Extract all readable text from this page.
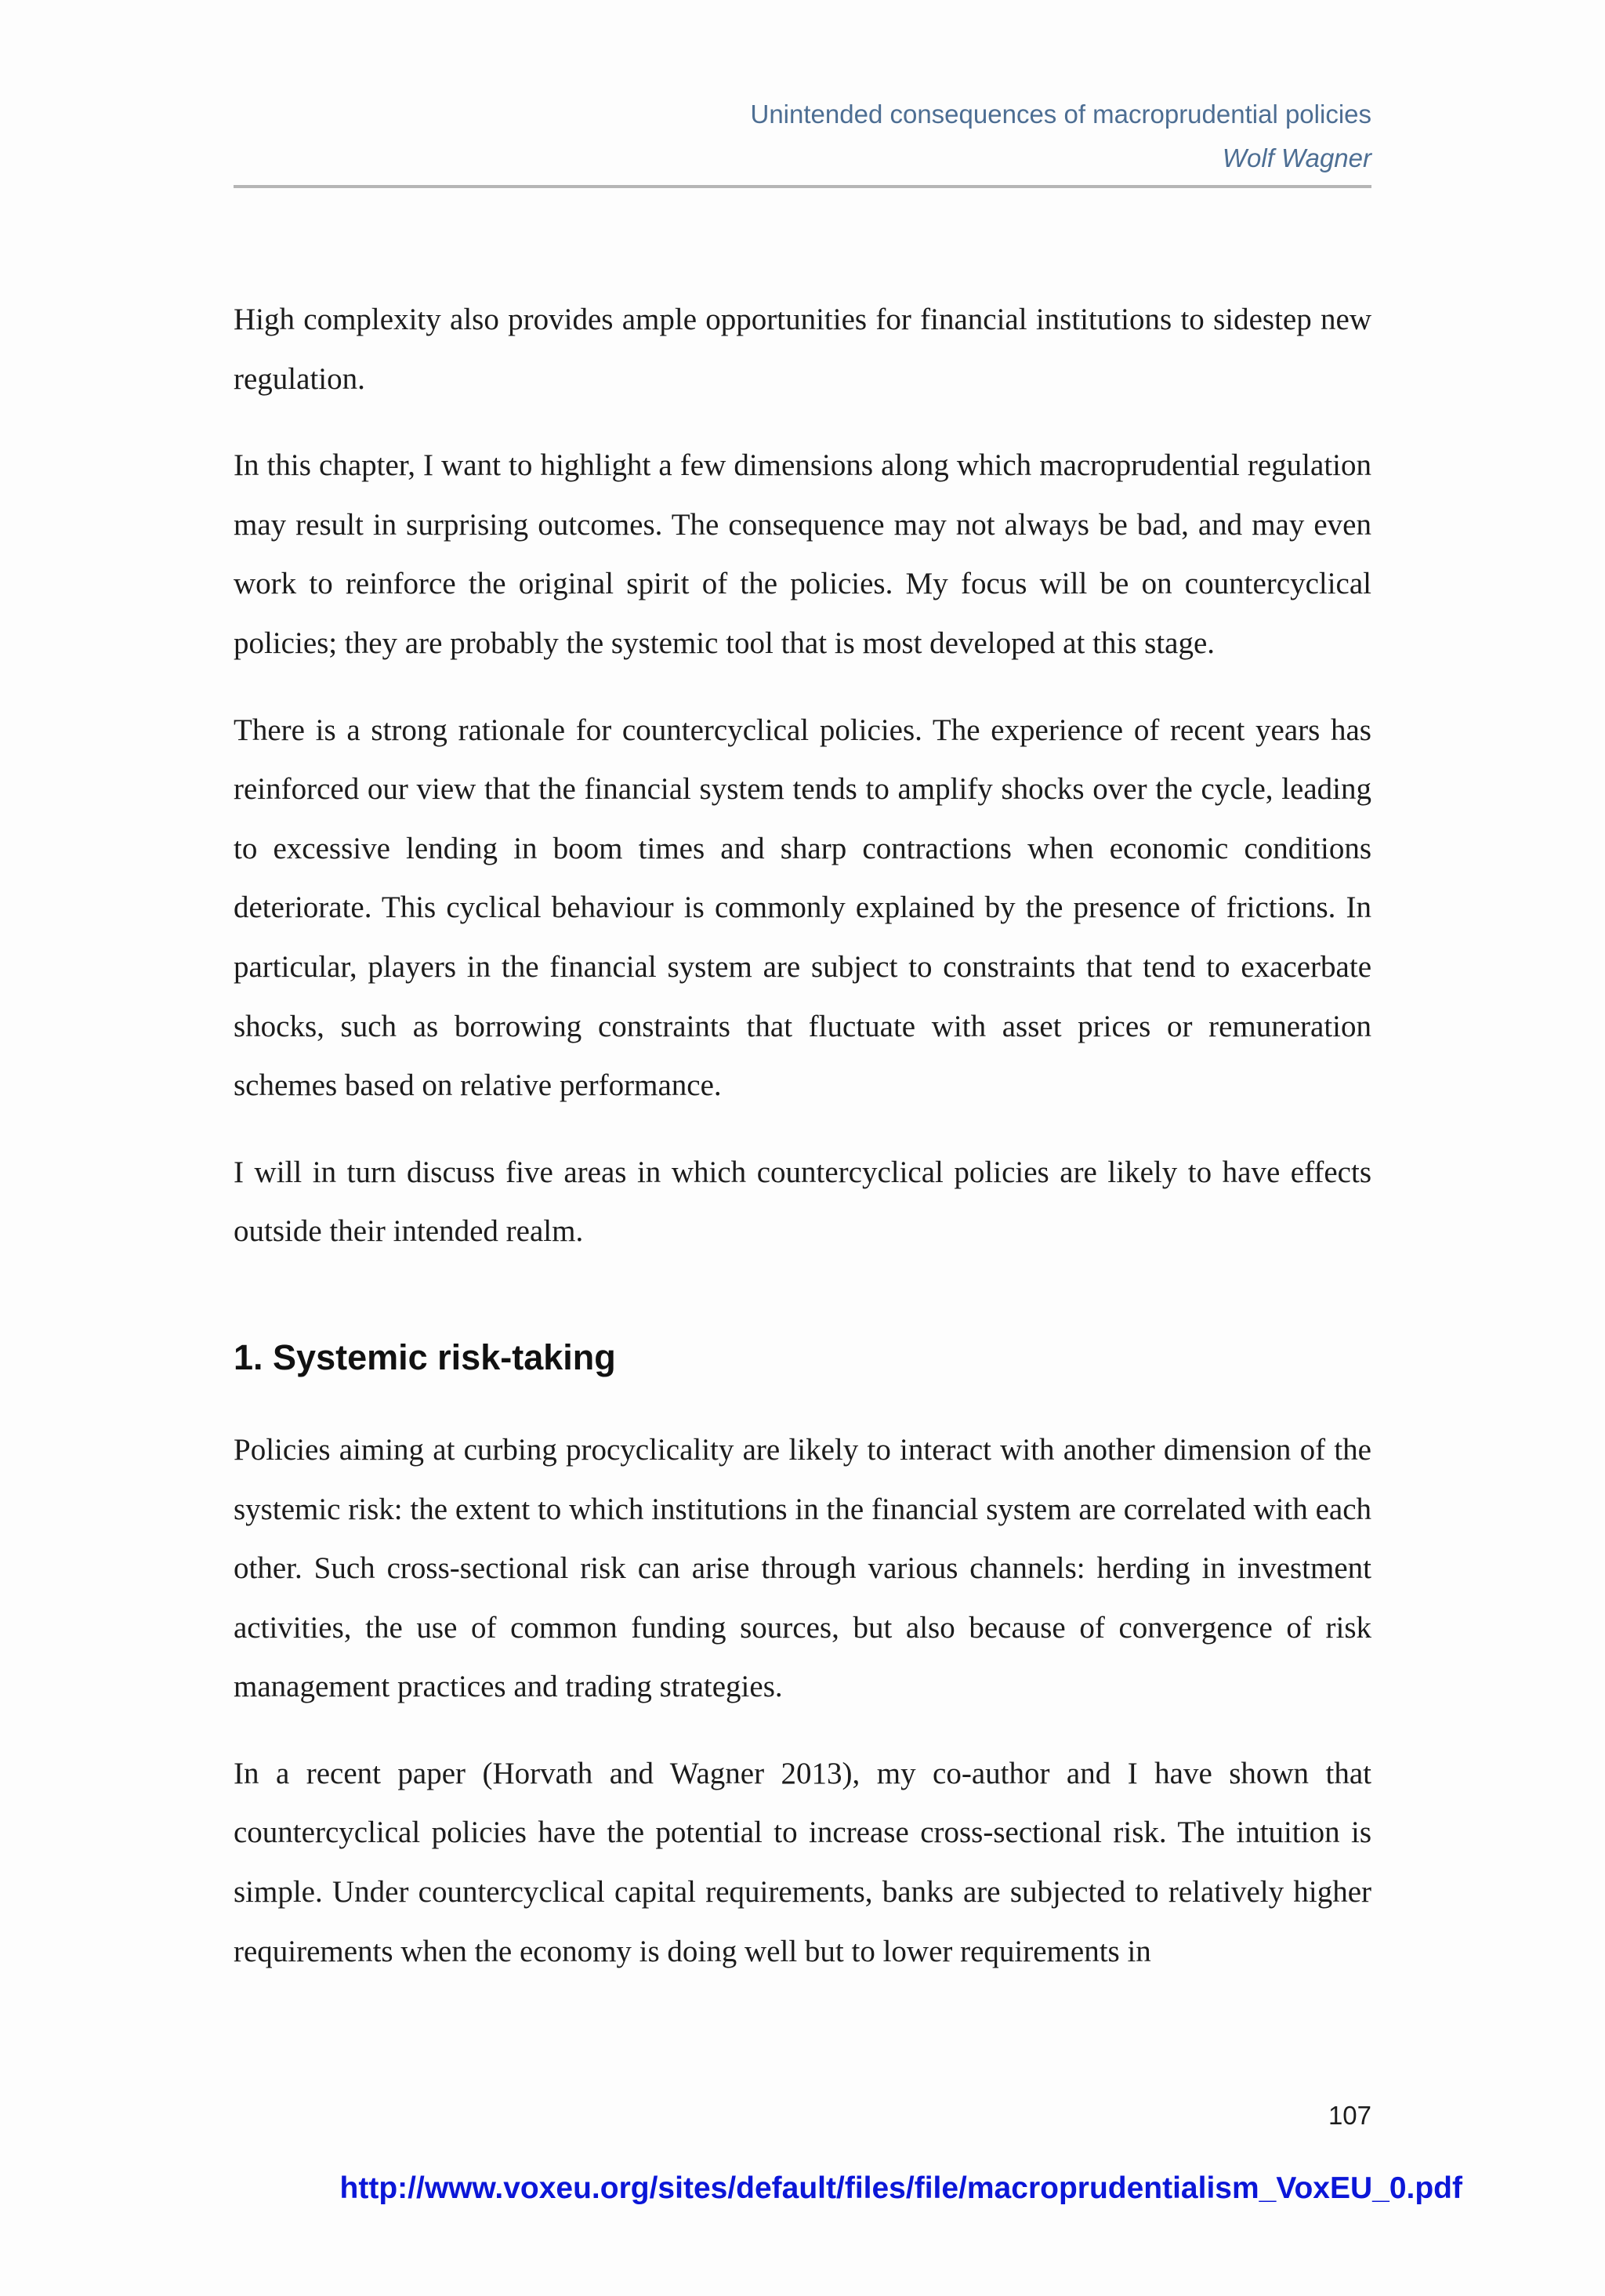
Unintended consequences of macroprudential policies
Wolf Wagner

High complexity also provides ample opportunities for financial institutions to sidestep new regulation.

In this chapter, I want to highlight a few dimensions along which macroprudential regulation may result in surprising outcomes. The consequence may not always be bad, and may even work to reinforce the original spirit of the policies. My focus will be on countercyclical policies; they are probably the systemic tool that is most developed at this stage.

There is a strong rationale for countercyclical policies. The experience of recent years has reinforced our view that the financial system tends to amplify shocks over the cycle, leading to excessive lending in boom times and sharp contractions when economic conditions deteriorate. This cyclical behaviour is commonly explained by the presence of frictions. In particular, players in the financial system are subject to constraints that tend to exacerbate shocks, such as borrowing constraints that fluctuate with asset prices or remuneration schemes based on relative performance.

I will in turn discuss five areas in which countercyclical policies are likely to have effects outside their intended realm.

1. Systemic risk-taking

Policies aiming at curbing procyclicality are likely to interact with another dimension of the systemic risk: the extent to which institutions in the financial system are correlated with each other. Such cross-sectional risk can arise through various channels: herding in investment activities, the use of common funding sources, but also because of convergence of risk management practices and trading strategies.

In a recent paper (Horvath and Wagner 2013), my co-author and I have shown that countercyclical policies have the potential to increase cross-sectional risk. The intuition is simple. Under countercyclical capital requirements, banks are subjected to relatively higher requirements when the economy is doing well but to lower requirements in

107
http://www.voxeu.org/sites/default/files/file/macroprudentialism_VoxEU_0.pdf
